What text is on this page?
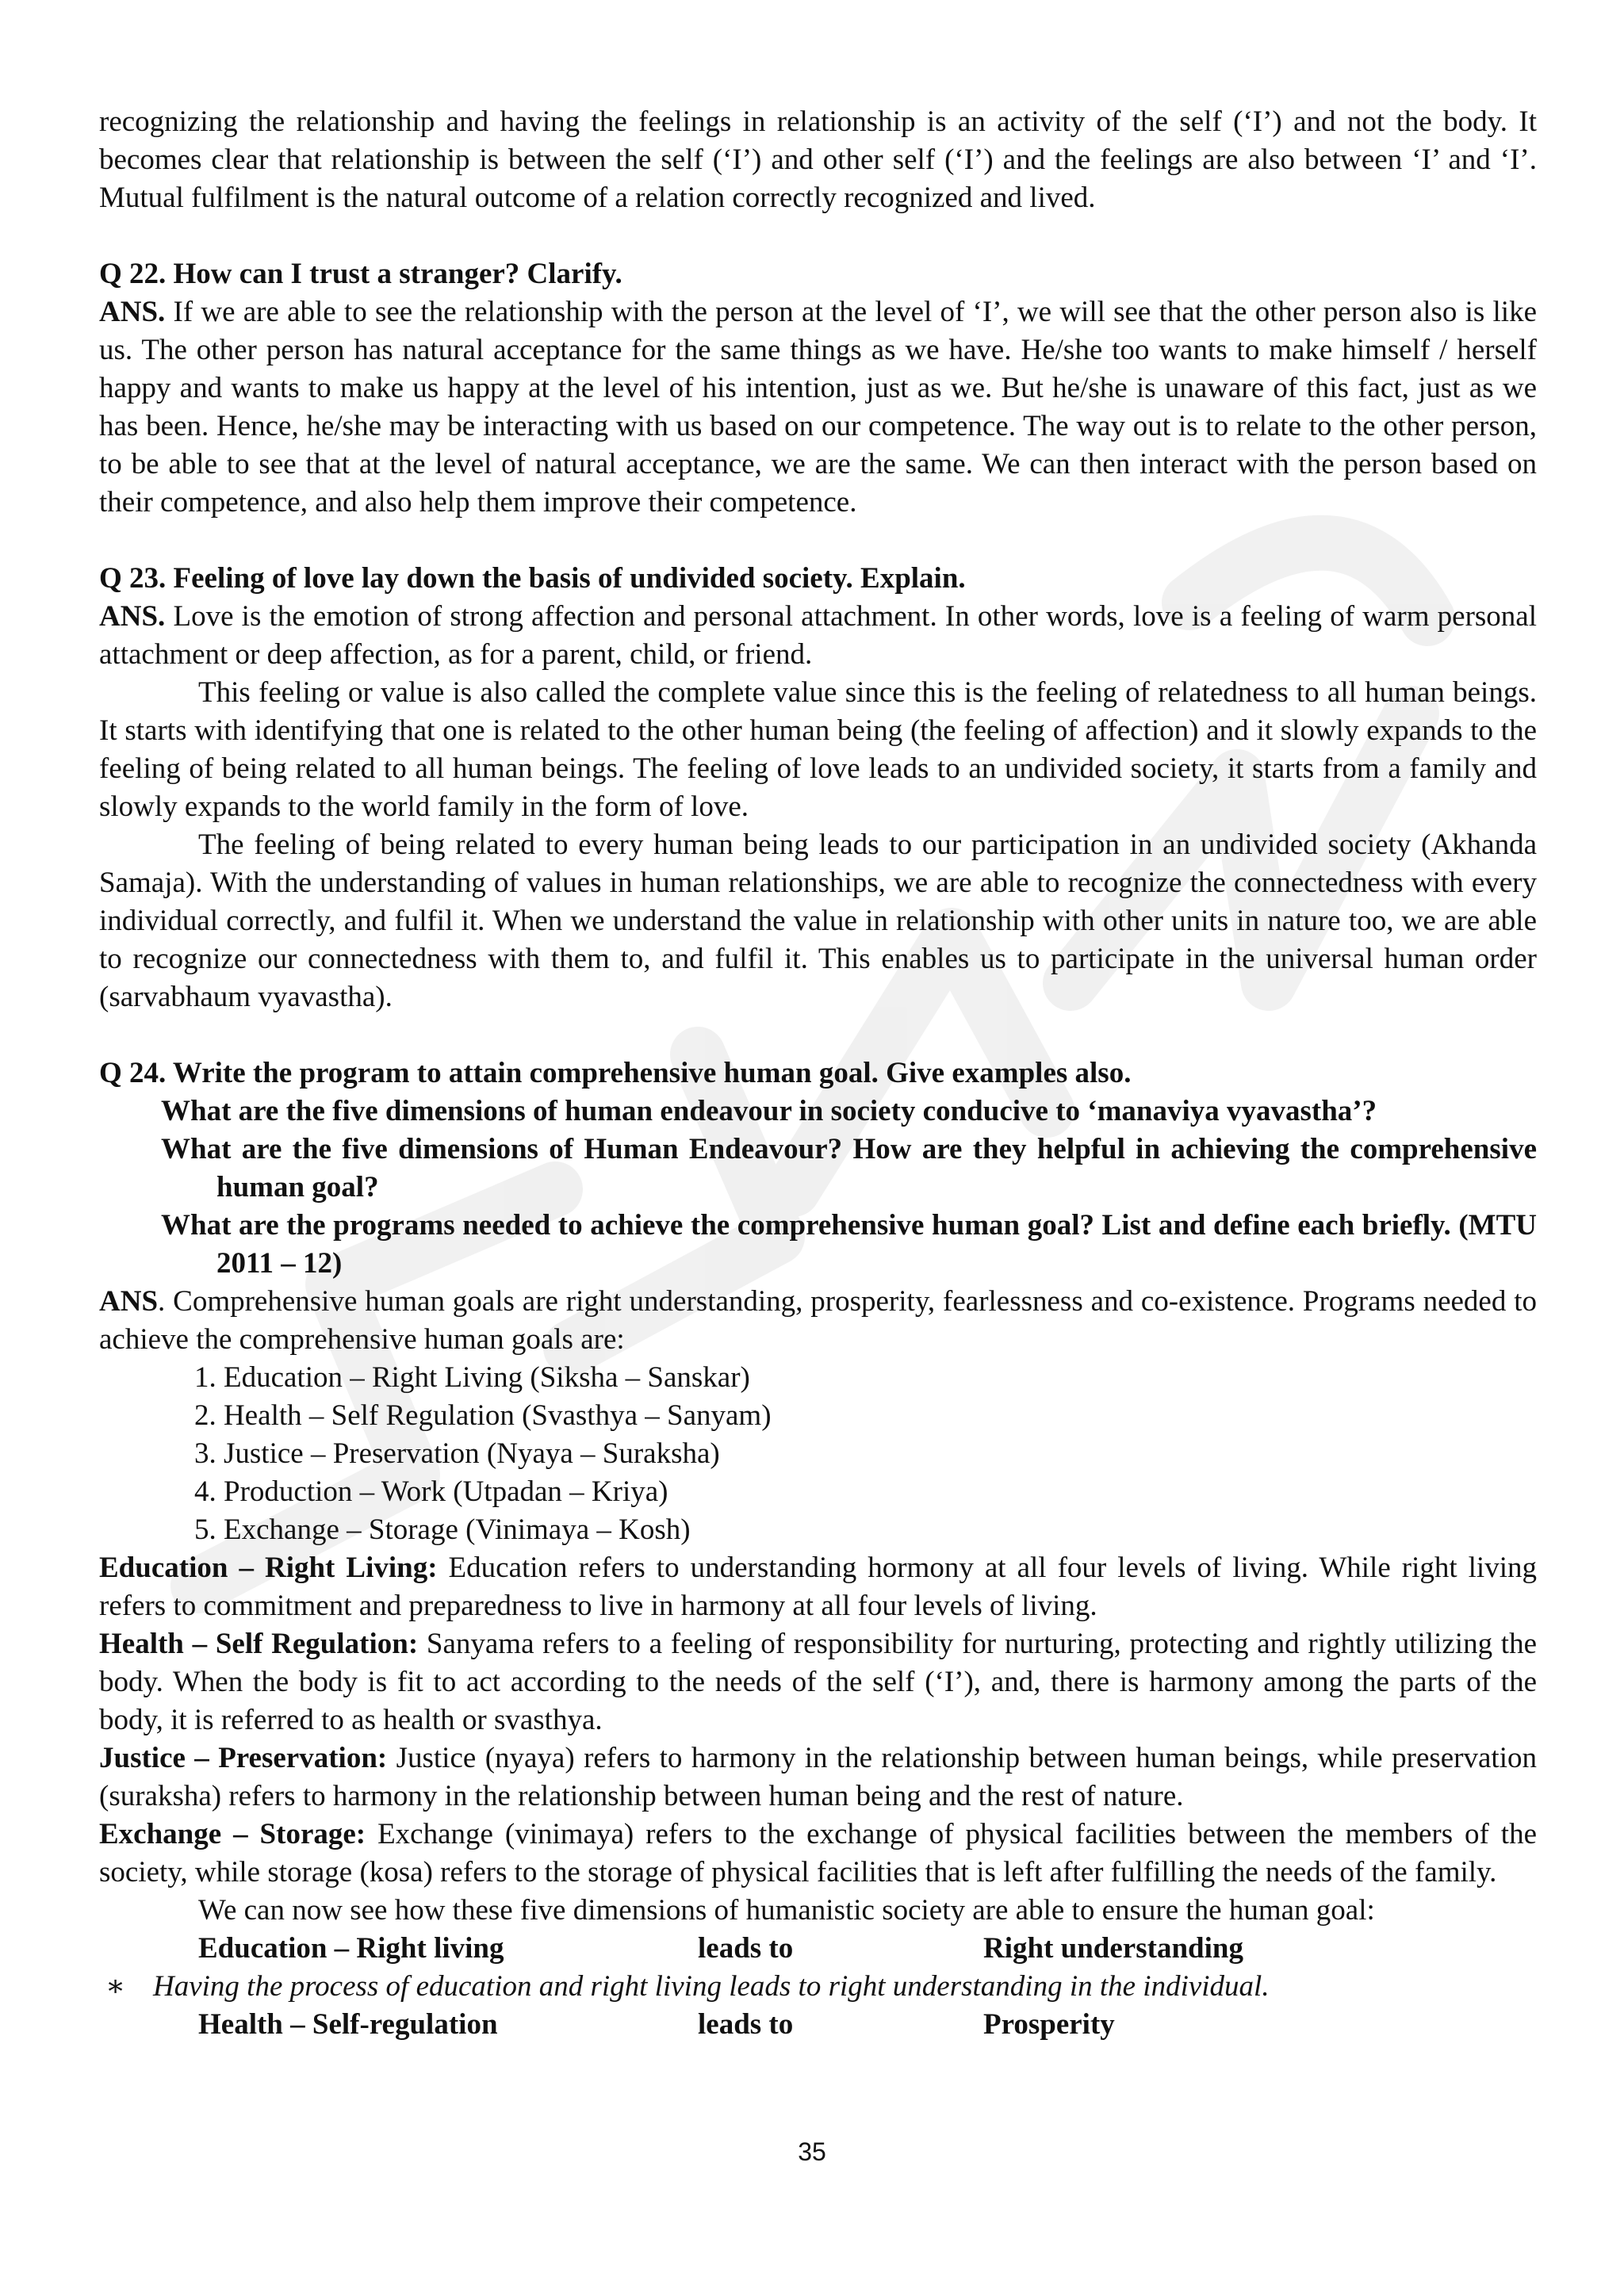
recognizing the relationship and having the feelings in relationship is an activity of the self (‘I’) and not the body. It becomes clear that relationship is between the self (‘I’) and other self (‘I’) and the feelings are also between ‘I’ and ‘I’. Mutual fulfilment is the natural outcome of a relation correctly recognized and lived.

Q 22. How can I trust a stranger? Clarify.

ANS. If we are able to see the relationship with the person at the level of ‘I’, we will see that the other person also is like us. The other person has natural acceptance for the same things as we have. He/she too wants to make himself / herself happy and wants to make us happy at the level of his intention, just as we. But he/she is unaware of this fact, just as we has been. Hence, he/she may be interacting with us based on our competence. The way out is to relate to the other person, to be able to see that at the level of natural acceptance, we are the same. We can then interact with the person based on their competence, and also help them improve their competence.

Q 23. Feeling of love lay down the basis of undivided society. Explain.

ANS. Love is the emotion of strong affection and personal attachment. In other words, love is a feeling of warm personal attachment or deep affection, as for a parent, child, or friend.

This feeling or value is also called the complete value since this is the feeling of relatedness to all human beings. It starts with identifying that one is related to the other human being (the feeling of affection) and it slowly expands to the feeling of being related to all human beings. The feeling of love leads to an undivided society, it starts from a family and slowly expands to the world family in the form of love.

The feeling of being related to every human being leads to our participation in an undivided society (Akhanda Samaja). With the understanding of values in human relationships, we are able to recognize the connectedness with every individual correctly, and fulfil it. When we understand the value in relationship with other units in nature too, we are able to recognize our connectedness with them to, and fulfil it. This enables us to participate in the universal human order (sarvabhaum vyavastha).

Q 24. Write the program to attain comprehensive human goal. Give examples also.

What are the five dimensions of human endeavour in society conducive to ‘manaviya vyavastha’?

What are the five dimensions of Human Endeavour? How are they helpful in achieving the comprehensive human goal?

What are the programs needed to achieve the comprehensive human goal? List and define each briefly. (MTU 2011 – 12)

ANS. Comprehensive human goals are right understanding, prosperity, fearlessness and co-existence. Programs needed to achieve the comprehensive human goals are:

1. Education – Right Living (Siksha – Sanskar)
2. Health – Self Regulation (Svasthya – Sanyam)
3. Justice – Preservation (Nyaya – Suraksha)
4. Production – Work (Utpadan – Kriya)
5. Exchange – Storage (Vinimaya – Kosh)

Education – Right Living: Education refers to understanding hormony at all four levels of living. While right living refers to commitment and preparedness to live in harmony at all four levels of living.

Health – Self Regulation: Sanyama refers to a feeling of responsibility for nurturing, protecting and rightly utilizing the body. When the body is fit to act according to the needs of the self (‘I’), and, there is harmony among the parts of the body, it is referred to as health or svasthya.

Justice – Preservation: Justice (nyaya) refers to harmony in the relationship between human beings, while preservation (suraksha) refers to harmony in the relationship between human being and the rest of nature.

Exchange – Storage: Exchange (vinimaya) refers to the exchange of physical facilities between the members of the society, while storage (kosa) refers to the storage of physical facilities that is left after fulfilling the needs of the family.

We can now see how these five dimensions of humanistic society are able to ensure the human goal:

Education – Right living	leads to	Right understanding
∗ Having the process of education and right living leads to right understanding in the individual.
Health – Self-regulation	leads to	Prosperity
35
